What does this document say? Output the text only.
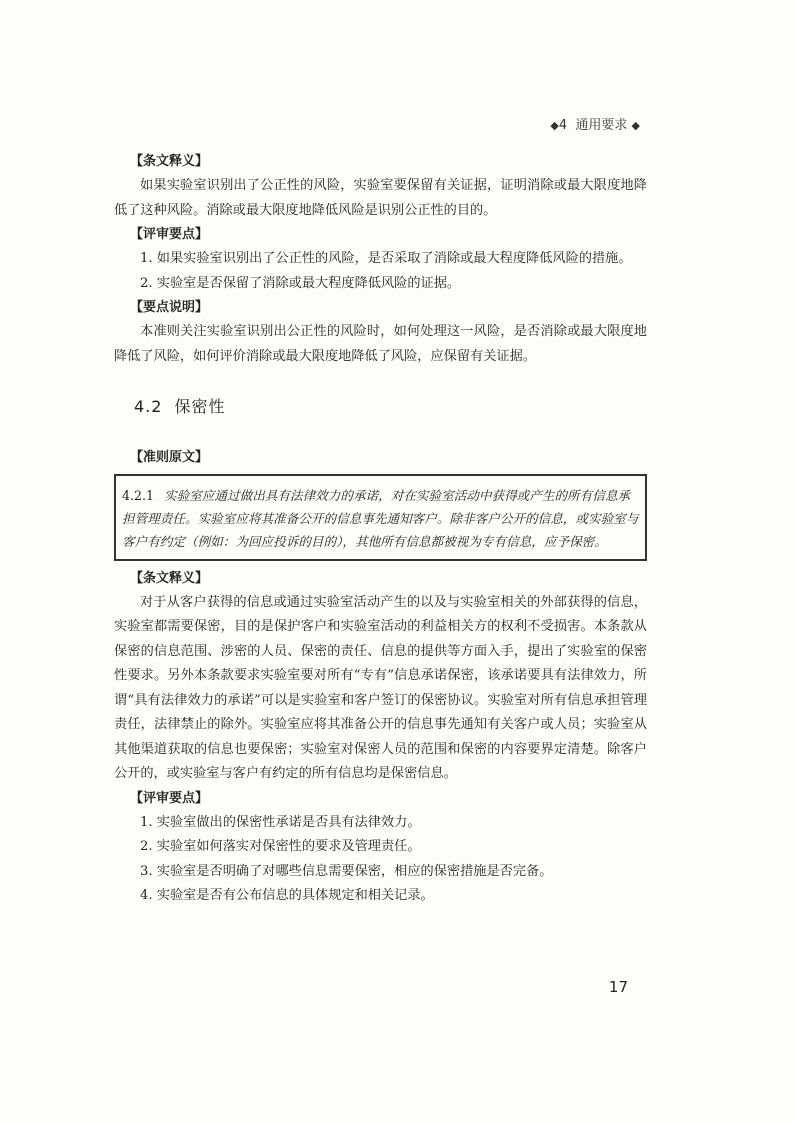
◆4 通用要求 ◆

【条文释义】

如果实验室识别出了公正性的风险，实验室要保留有关证据，证明消除或最大限度地降低了这种风险。消除或最大限度地降低风险是识别公正性的目的。

【评审要点】

1. 如果实验室识别出了公正性的风险，是否采取了消除或最大程度降低风险的措施。

2. 实验室是否保留了消除或最大程度降低风险的证据。

【要点说明】

本准则关注实验室识别出公正性的风险时，如何处理这一风险，是否消除或最大限度地降低了风险，如何评价消除或最大限度地降低了风险，应保留有关证据。

4.2 保密性

【准则原文】

4.2.1 实验室应通过做出具有法律效力的承诺，对在实验室活动中获得或产生的所有信息承担管理责任。实验室应将其准备公开的信息事先通知客户。除非客户公开的信息，或实验室与客户有约定（例如：为回应投诉的目的），其他所有信息都被视为专有信息，应予保密。

【条文释义】

对于从客户获得的信息或通过实验室活动产生的以及与实验室相关的外部获得的信息，实验室都需要保密，目的是保护客户和实验室活动的利益相关方的权利不受损害。本条款从保密的信息范围、涉密的人员、保密的责任、信息的提供等方面入手，提出了实验室的保密性要求。另外本条款要求实验室要对所有“专有”信息承诺保密，该承诺要具有法律效力，所谓“具有法律效力的承诺”可以是实验室和客户签订的保密协议。实验室对所有信息承担管理责任，法律禁止的除外。实验室应将其准备公开的信息事先通知有关客户或人员；实验室从其他渠道获取的信息也要保密；实验室对保密人员的范围和保密的内容要界定清楚。除客户公开的，或实验室与客户有约定的所有信息均是保密信息。

【评审要点】

1. 实验室做出的保密性承诺是否具有法律效力。

2. 实验室如何落实对保密性的要求及管理责任。

3. 实验室是否明确了对哪些信息需要保密，相应的保密措施是否完备。

4. 实验室是否有公布信息的具体规定和相关记录。

17
